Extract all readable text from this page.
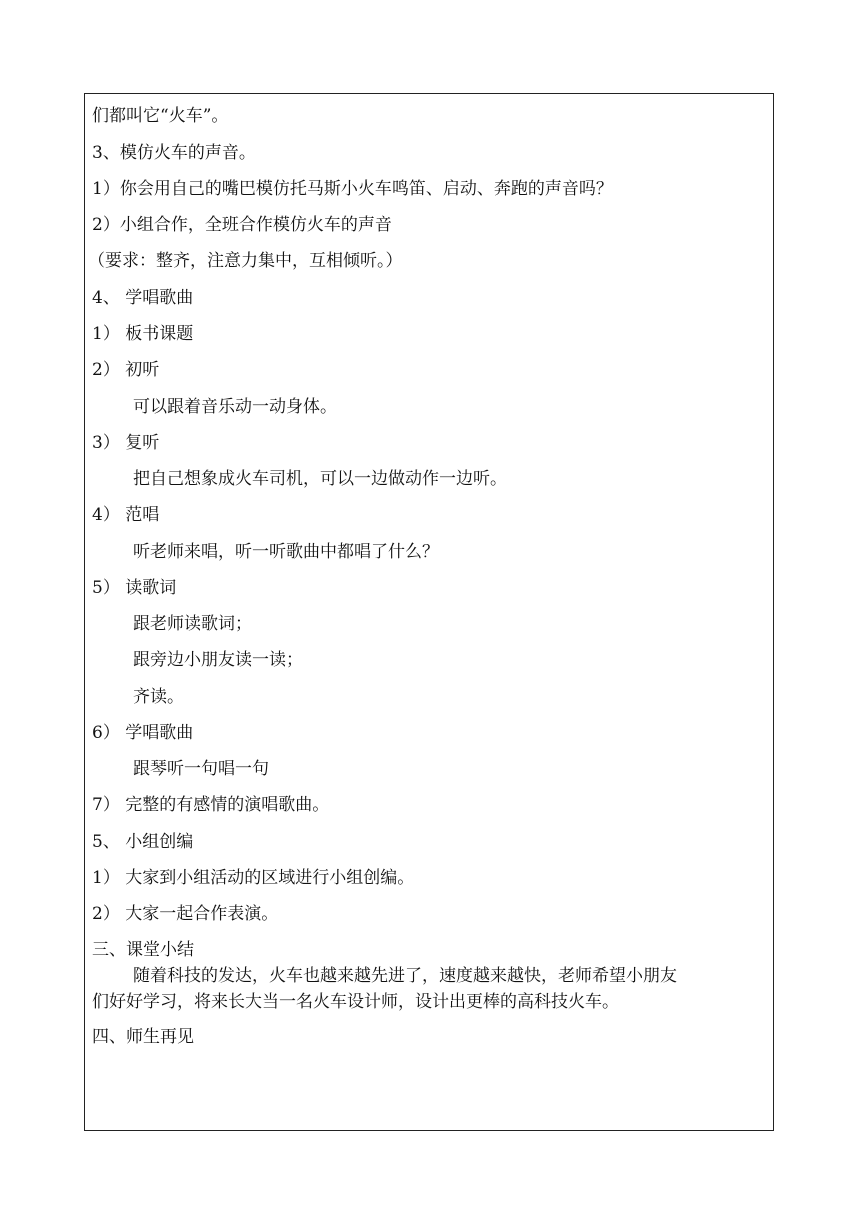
们都叫它“火车”。
3、模仿火车的声音。
1）你会用自己的嘴巴模仿托马斯小火车鸣笛、启动、奔跑的声音吗？
2）小组合作，全班合作模仿火车的声音
（要求：整齐，注意力集中，互相倾听。）
4、 学唱歌曲
1） 板书课题
2） 初听
可以跟着音乐动一动身体。
3） 复听
把自己想象成火车司机，可以一边做动作一边听。
4） 范唱
听老师来唱，听一听歌曲中都唱了什么？
5） 读歌词
跟老师读歌词；
跟旁边小朋友读一读；
齐读。
6） 学唱歌曲
跟琴听一句唱一句
7） 完整的有感情的演唱歌曲。
5、 小组创编
1） 大家到小组活动的区域进行小组创编。
2） 大家一起合作表演。
三、课堂小结
随着科技的发达，火车也越来越先进了，速度越来越快，老师希望小朋友
们好好学习，将来长大当一名火车设计师，设计出更棒的高科技火车。
四、师生再见
